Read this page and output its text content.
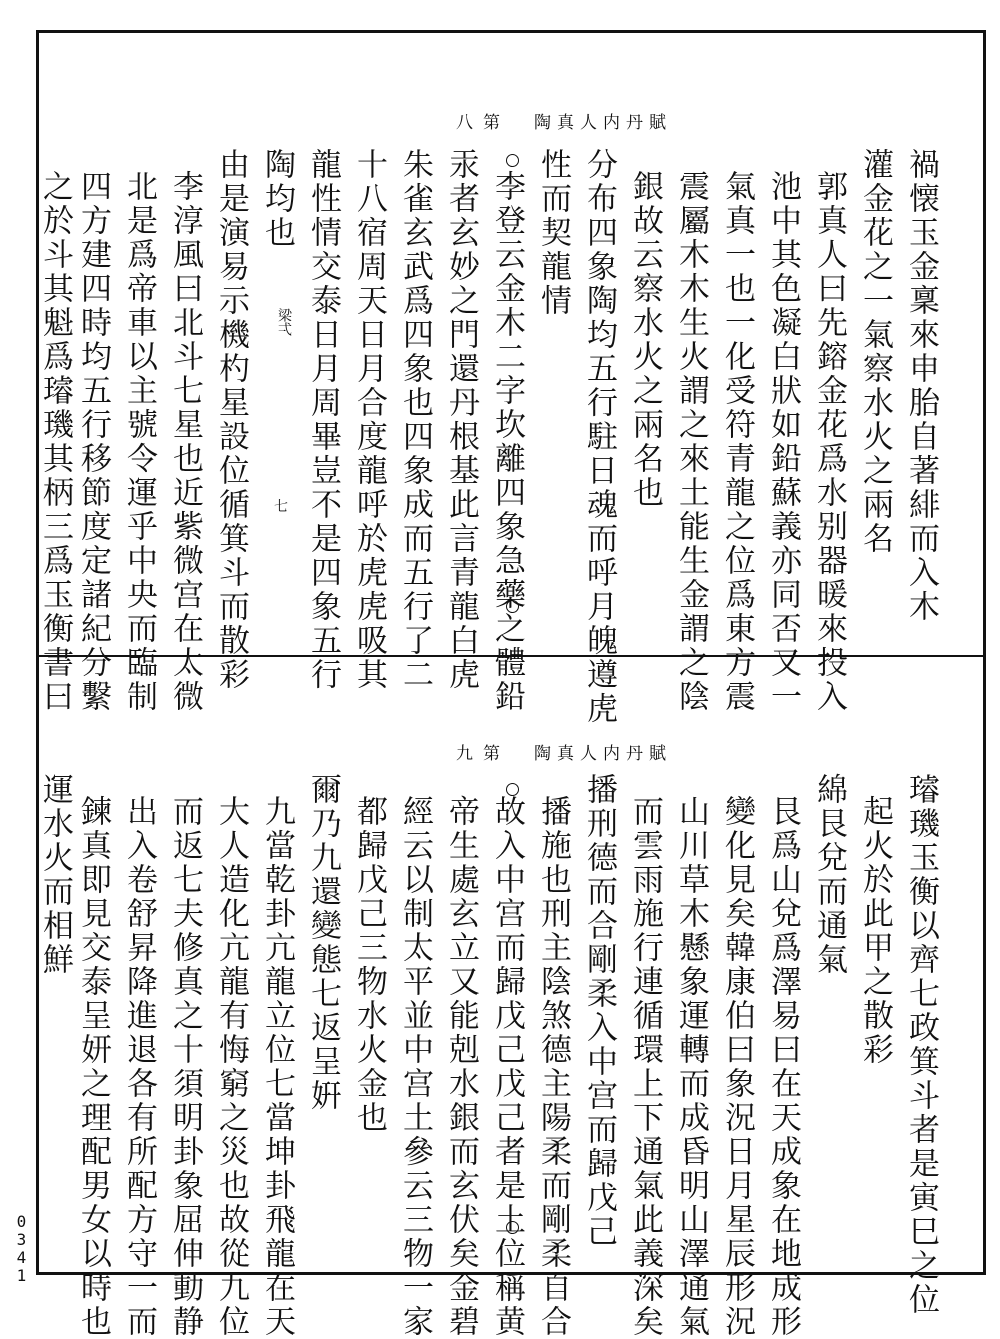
八 第 陶真人内丹賦
禍懐玉金稟來申胎自著緋而入木
灌金花之一氣察水火之兩名
郭真人曰先鎔金花爲水别器暖來投入
池中其色凝白狀如鉛蘇義亦同否又一
氣真一也一化受符青龍之位爲東方震
震屬木木生火謂之來土能生金謂之陰
銀故云察水火之兩名也
分布四象陶均五行駐日魂而呼月魄遵虎
性而契龍情
李登云金木二字坎離四象急藥之體鉛
汞者玄妙之門還丹根基此言青龍白虎
朱雀玄武爲四象也四象成而五行了二
十八宿周天日月合度龍呼於虎虎吸其
龍性情交泰日月周畢豈不是四象五行
陶均也
由是演易示機杓星設位循箕斗而散彩
李淳風曰北斗七星也近紫微宫在太微
北是爲帝車以主號令運乎中央而臨制
四方建四時均五行移節度定諸紀分繫
之於斗其魁爲璿璣其柄三爲玉衡書曰	梁弌
七
九 第 陶真人内丹賦
璿璣玉衡以齊七政箕斗者是寅巳之位
起火於此甲之散彩
綿艮兌而通氣
艮爲山兌爲澤易曰在天成象在地成形
變化見矣韓康伯曰象況日月星辰形況
山川草木懸象運轉而成昏明山澤通氣
而雲雨施行連循環上下通氣此義深矣
播刑德而合剛柔入中宫而歸戊己
播施也刑主陰煞德主陽柔而剛柔自合
故入中宫而歸戊己戊己者是土位稱黄
帝生處玄立又能剋水銀而玄伏矣金碧
經云以制太平並中宫土參云三物一家
都歸戊己三物水火金也
爾乃九還變態七返呈姸
九當乾卦亢龍立位七當坤卦飛龍在天
大人造化亢龍有悔窮之災也故從九位
而返七夫修真之十須明卦象屈伸動静
出入卷舒昇降進退各有所配方守一而
鍊真即見交泰呈妍之理配男女以時也
運水火而相鮮
0341
